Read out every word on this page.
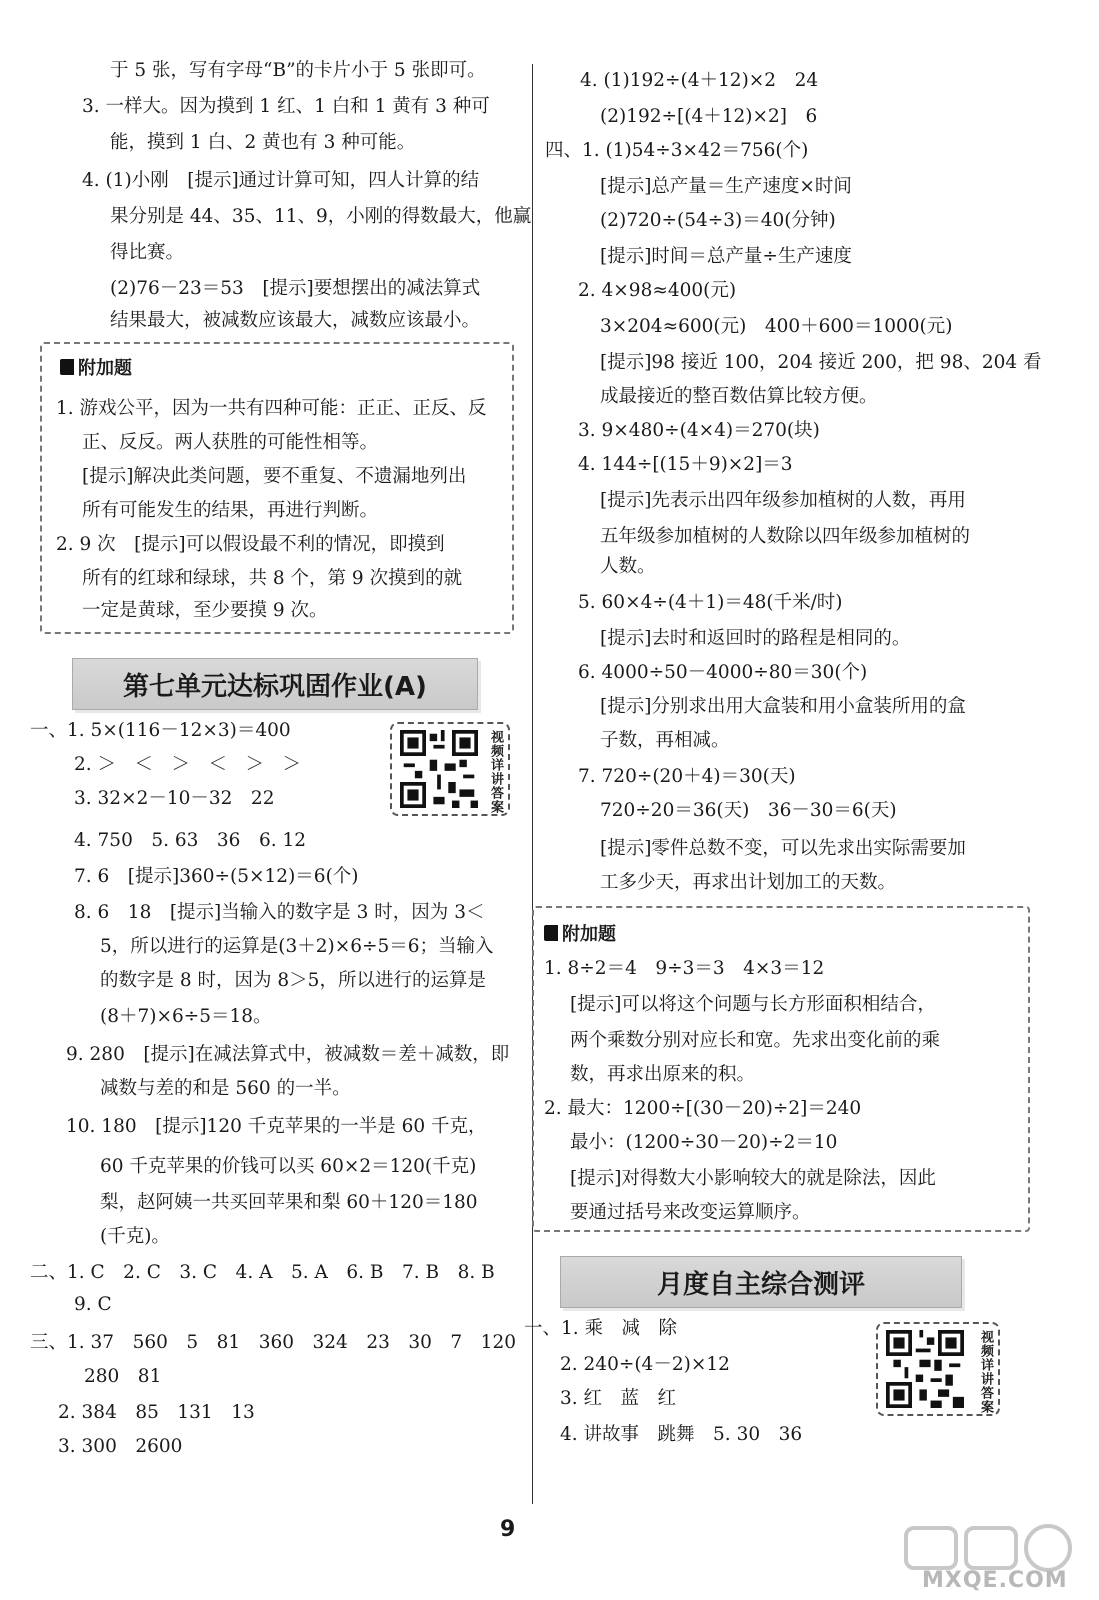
于 5 张，写有字母“B”的卡片小于 5 张即可。
3. 一样大。因为摸到 1 红、1 白和 1 黄有 3 种可
能，摸到 1 白、2 黄也有 3 种可能。
4. (1)小刚　[提示]通过计算可知，四人计算的结
果分别是 44、35、11、9，小刚的得数最大，他赢
得比赛。
(2)76－23＝53　[提示]要想摆出的减法算式
结果最大，被减数应该最大，减数应该最小。
附加题
1. 游戏公平，因为一共有四种可能：正正、正反、反
正、反反。两人获胜的可能性相等。
[提示]解决此类问题，要不重复、不遗漏地列出
所有可能发生的结果，再进行判断。
2. 9 次　[提示]可以假设最不利的情况，即摸到
所有的红球和绿球，共 8 个，第 9 次摸到的就
一定是黄球，至少要摸 9 次。
第七单元达标巩固作业(A)
视频详讲答案
一、1. 5×(116－12×3)＝400
2. ＞　＜　＞　＜　＞　＞
3. 32×2－10－32　22
4. 750　5. 63　36　6. 12
7. 6　[提示]360÷(5×12)＝6(个)
8. 6　18　[提示]当输入的数字是 3 时，因为 3＜
5，所以进行的运算是(3＋2)×6÷5＝6；当输入
的数字是 8 时，因为 8＞5，所以进行的运算是
(8＋7)×6÷5＝18。
9. 280　[提示]在减法算式中，被减数＝差＋减数，即
减数与差的和是 560 的一半。
10. 180　[提示]120 千克苹果的一半是 60 千克，
60 千克苹果的价钱可以买 60×2＝120(千克)
梨，赵阿姨一共买回苹果和梨 60＋120＝180
(千克)。
二、1. C　2. C　3. C　4. A　5. A　6. B　7. B　8. B
9. C
三、1. 37　560　5　81　360　324　23　30　7　120
280　81
2. 384　85　131　13
3. 300　2600
4. (1)192÷(4＋12)×2　24
(2)192÷[(4＋12)×2]　6
四、1. (1)54÷3×42＝756(个)
[提示]总产量＝生产速度×时间
(2)720÷(54÷3)＝40(分钟)
[提示]时间＝总产量÷生产速度
2. 4×98≈400(元)
3×204≈600(元)　400＋600＝1000(元)
[提示]98 接近 100，204 接近 200，把 98、204 看
成最接近的整百数估算比较方便。
3. 9×480÷(4×4)＝270(块)
4. 144÷[(15＋9)×2]＝3
[提示]先表示出四年级参加植树的人数，再用
五年级参加植树的人数除以四年级参加植树的
人数。
5. 60×4÷(4＋1)＝48(千米/时)
[提示]去时和返回时的路程是相同的。
6. 4000÷50－4000÷80＝30(个)
[提示]分别求出用大盒装和用小盒装所用的盒
子数，再相减。
7. 720÷(20＋4)＝30(天)
720÷20＝36(天)　36－30＝6(天)
[提示]零件总数不变，可以先求出实际需要加
工多少天，再求出计划加工的天数。
附加题
1. 8÷2＝4　9÷3＝3　4×3＝12
[提示]可以将这个问题与长方形面积相结合，
两个乘数分别对应长和宽。先求出变化前的乘
数，再求出原来的积。
2. 最大：1200÷[(30－20)÷2]＝240
最小：(1200÷30－20)÷2＝10
[提示]对得数大小影响较大的就是除法，因此
要通过括号来改变运算顺序。
月度自主综合测评
视频详讲答案
一、1. 乘　减　除
2. 240÷(4－2)×12
3. 红　蓝　红
4. 讲故事　跳舞　5. 30　36
9
MXQE.COM
